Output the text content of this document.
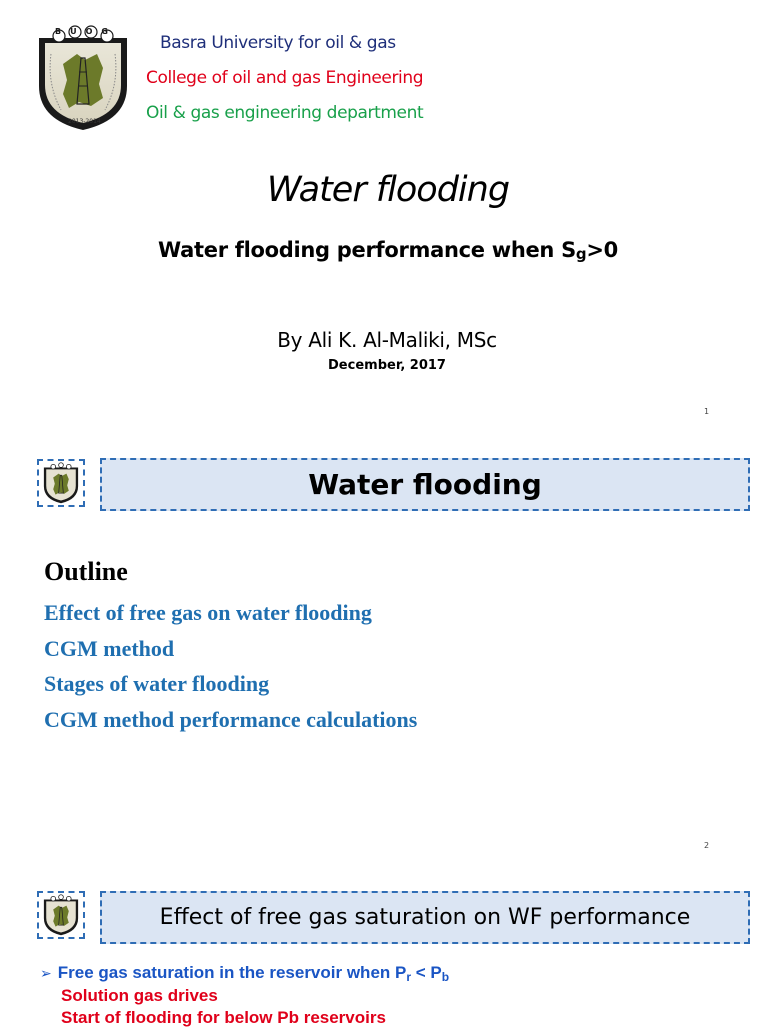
BUOG
2013-2014
Basra University for oil & gas
College of oil and gas Engineering
Oil & gas engineering department
Water flooding
Water flooding performance when Sg>0
By Ali K. Al-Maliki, MSc
December, 2017
1
Water flooding
Outline
Effect of free gas on water flooding
CGM method
Stages of water flooding
CGM method performance calculations
2
Effect of free gas saturation on WF performance
➢ Free gas saturation in the reservoir when Pr < Pb
Solution gas drives
Start of flooding for below Pb reservoirs
